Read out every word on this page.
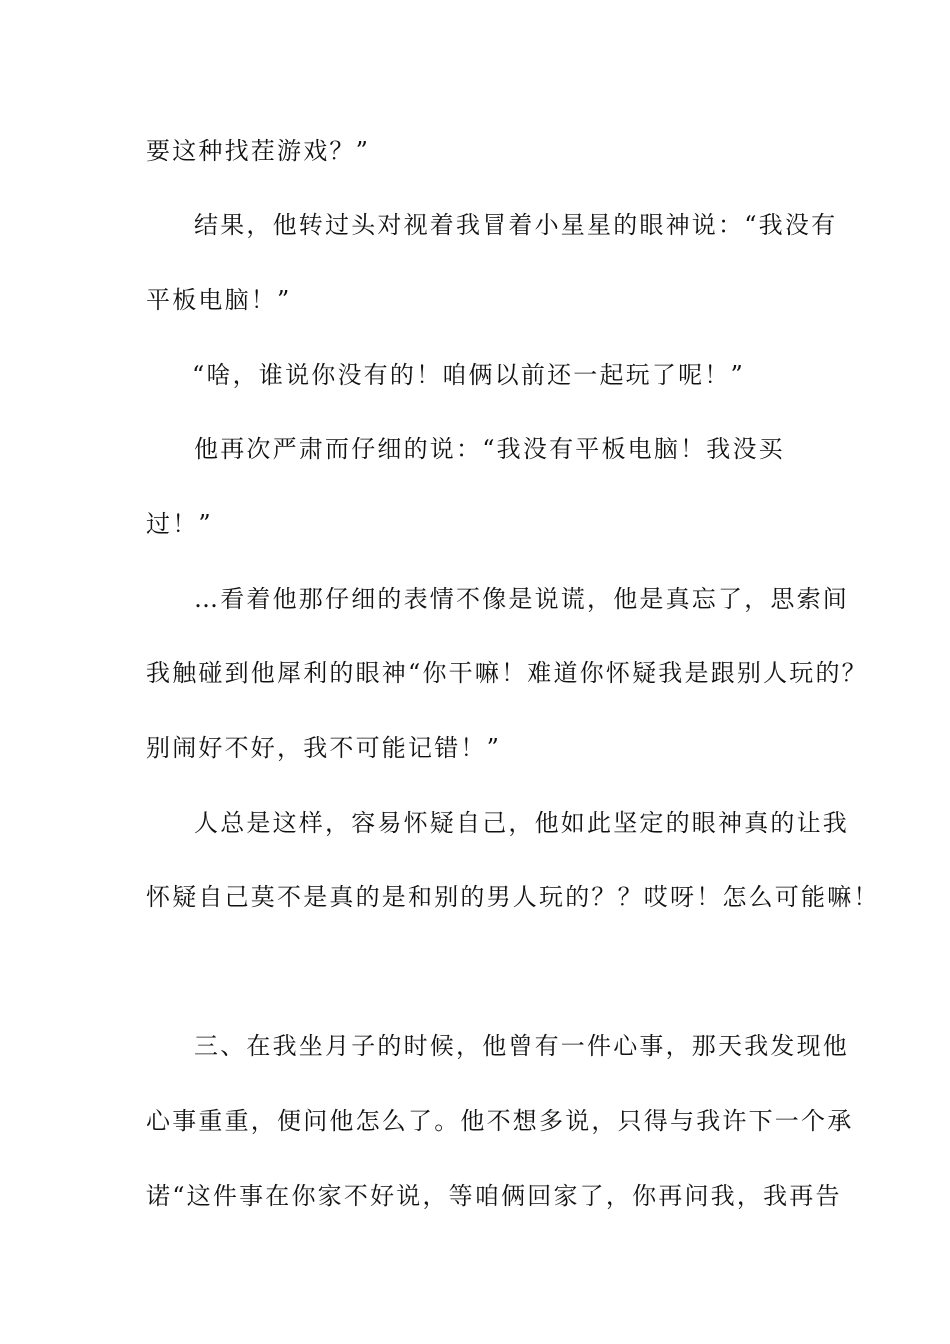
要这种找茬游戏？”
结果，他转过头对视着我冒着小星星的眼神说：“我没有
平板电脑！”
“啥，谁说你没有的！咱俩以前还一起玩了呢！”
他再次严肃而仔细的说：“我没有平板电脑！我没买
过！”
…看着他那仔细的表情不像是说谎，他是真忘了，思索间
我触碰到他犀利的眼神“你干嘛！难道你怀疑我是跟别人玩的？
别闹好不好，我不可能记错！”
人总是这样，容易怀疑自己，他如此坚定的眼神真的让我
怀疑自己莫不是真的是和别的男人玩的？？哎呀！怎么可能嘛！
三、在我坐月子的时候，他曾有一件心事，那天我发现他
心事重重，便问他怎么了。他不想多说，只得与我许下一个承
诺“这件事在你家不好说，等咱俩回家了，你再问我，我再告
